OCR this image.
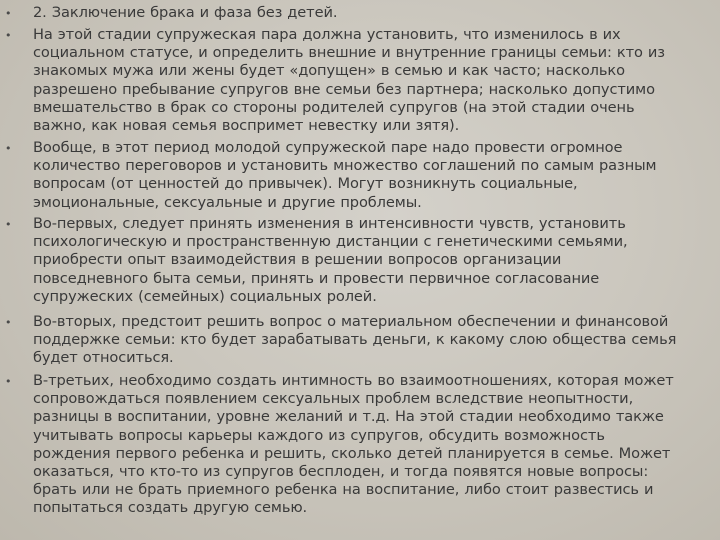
• 2. Заключение брака и фаза без детей.
• На этой стадии супружеская пара должна установить, что изменилось в их
социальном статусе, и определить внешние и внутренние границы семьи: кто из
знакомых мужа или жены будет «допущен» в семью и как часто; насколько
разрешено пребывание супругов вне семьи без партнера; насколько допустимо
вмешательство в брак со стороны родителей супругов (на этой стадии очень
важно, как новая семья воспримет невестку или зятя).
• Вообще, в этот период молодой супружеской паре надо провести огромное
количество переговоров и установить множество соглашений по самым разным
вопросам (от ценностей до привычек). Могут возникнуть социальные,
эмоциональные, сексуальные и другие проблемы.
• Во-первых, следует принять изменения в интенсивности чувств, установить
психологическую и пространственную дистанции с генетическими семьями,
приобрести опыт взаимодействия в решении вопросов организации
повседневного быта семьи, принять и провести первичное согласование
супружеских (семейных) социальных ролей.
• Во-вторых, предстоит решить вопрос о материальном обеспечении и финансовой
поддержке семьи: кто будет зарабатывать деньги, к какому слою общества семья
будет относиться.
• В-третьих, необходимо создать интимность во взаимоотношениях, которая может
сопровождаться появлением сексуальных проблем вследствие неопытности,
разницы в воспитании, уровне желаний и т.д. На этой стадии необходимо также
учитывать вопросы карьеры каждого из супругов, обсудить возможность
рождения первого ребенка и решить, сколько детей планируется в семье. Может
оказаться, что кто-то из супругов бесплоден, и тогда появятся новые вопросы:
брать или не брать приемного ребенка на воспитание, либо стоит развестись и
попытаться создать другую семью.
